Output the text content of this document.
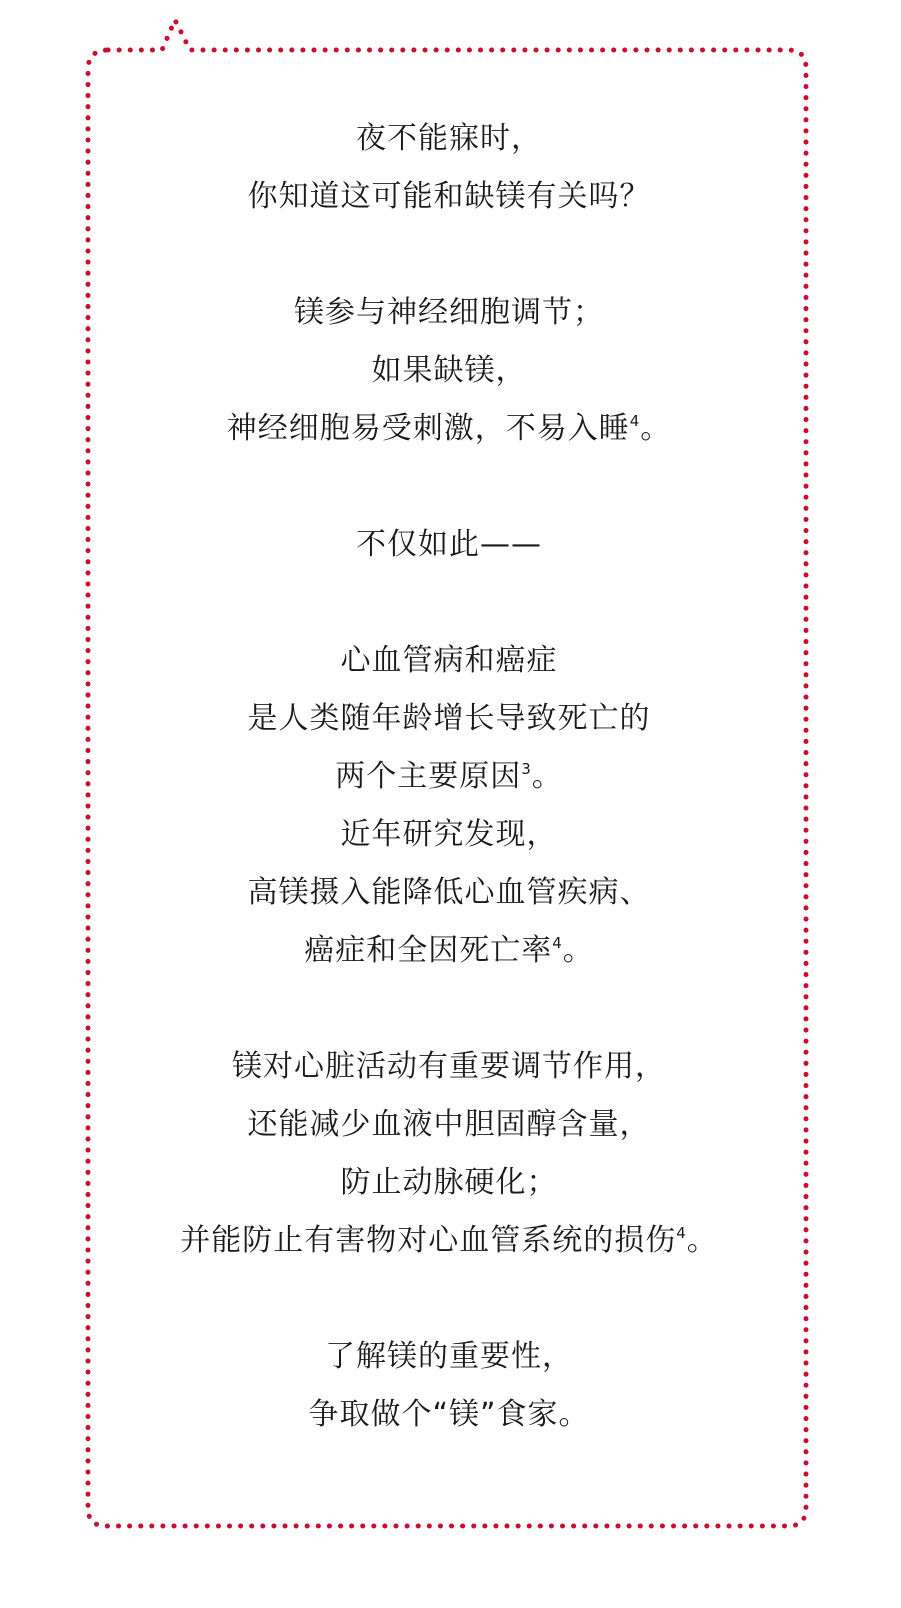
夜不能寐时，
你知道这可能和缺镁有关吗？
镁参与神经细胞调节；
如果缺镁，
神经细胞易受刺激，不易入睡$^4$。
不仅如此——
心血管病和癌症
是人类随年龄增长导致死亡的
两个主要原因$^3$。
近年研究发现，
高镁摄入能降低心血管疾病、
癌症和全因死亡率$^4$。
镁对心脏活动有重要调节作用，
还能减少血液中胆固醇含量，
防止动脉硬化；
并能防止有害物对心血管系统的损伤$^4$。
了解镁的重要性，
争取做个“镁”食家。
